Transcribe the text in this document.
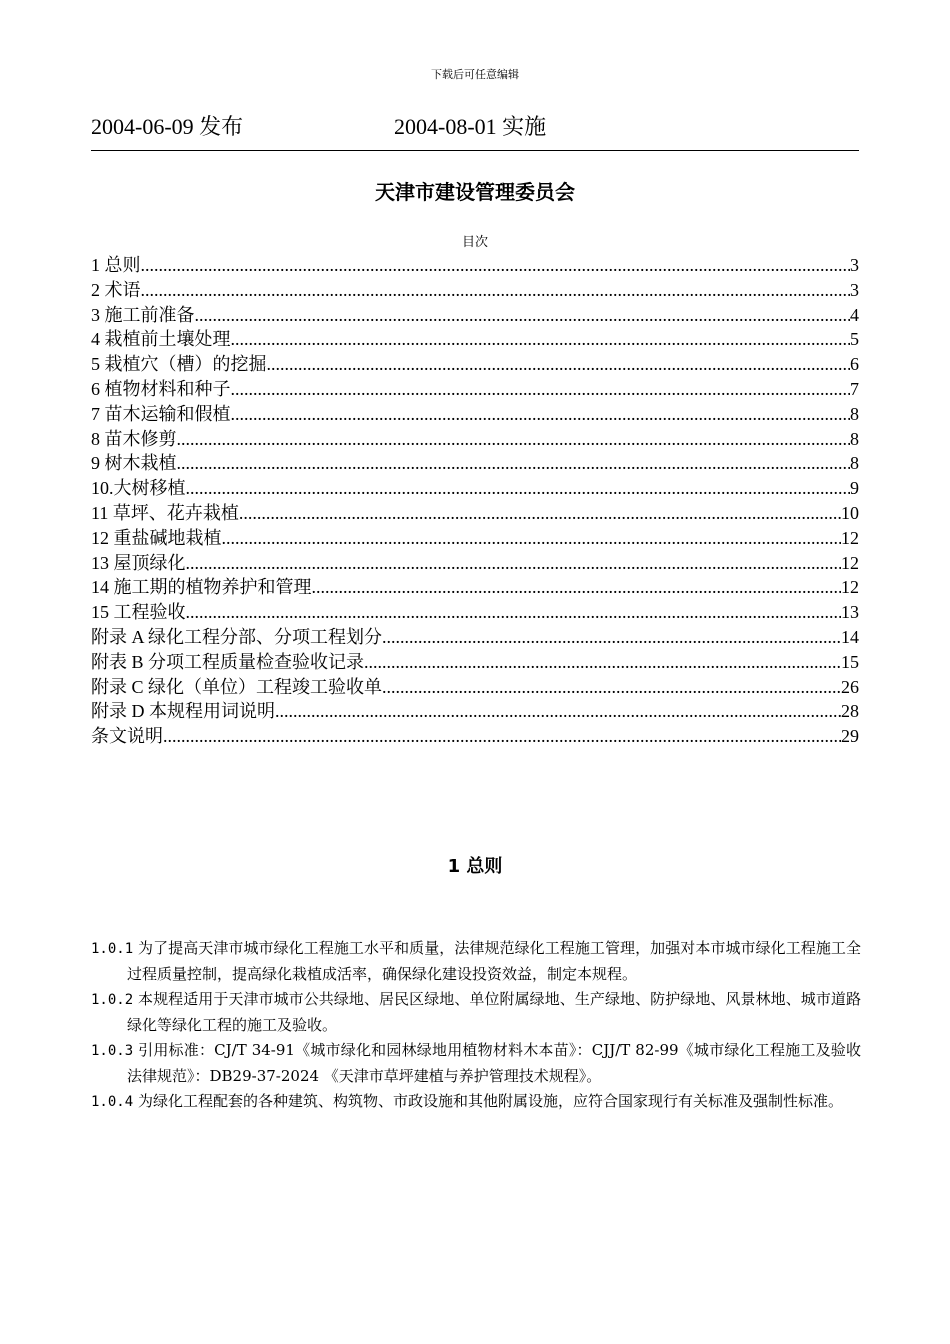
下载后可任意编辑
2004-06-09 发布	2004-08-01 实施
天津市建设管理委员会
目次
1 总则 .....	3
2 术语 .....	3
3 施工前准备 .....	4
4 栽植前土壤处理 .....	5
5 栽植穴（槽）的挖掘 .....	6
6 植物材料和种子 .....	7
7 苗木运输和假植 .....	8
8 苗木修剪 .....	8
9 树木栽植 .....	8
10.大树移植 .....	9
11 草坪、花卉栽植 .....	10
12 重盐碱地栽植 .....	12
13 屋顶绿化 .....	12
14 施工期的植物养护和管理 .....	12
15 工程验收 .....	13
附录 A 绿化工程分部、分项工程划分 .....	14
附表 B 分项工程质量检查验收记录 .....	15
附录 C 绿化（单位）工程竣工验收单 .....	26
附录 D 本规程用词说明 .....	28
条文说明 .....	29
1 总则

1.0.1 为了提高天津市城市绿化工程施工水平和质量，法律规范绿化工程施工管理，加强对本市城市绿化工程施工全过程质量控制，提高绿化栽植成活率，确保绿化建设投资效益，制定本规程。

1.0.2 本规程适用于天津市城市公共绿地、居民区绿地、单位附属绿地、生产绿地、防护绿地、风景林地、城市道路绿化等绿化工程的施工及验收。

1.0.3 引用标准：CJ/T 34-91《城市绿化和园林绿地用植物材料木本苗》：CJJ/T 82-99《城市绿化工程施工及验收法律规范》：DB29-37-2024 《天津市草坪建植与养护管理技术规程》。

1.0.4 为绿化工程配套的各种建筑、构筑物、市政设施和其他附属设施，应符合国家现行有关标准及强制性标准。
